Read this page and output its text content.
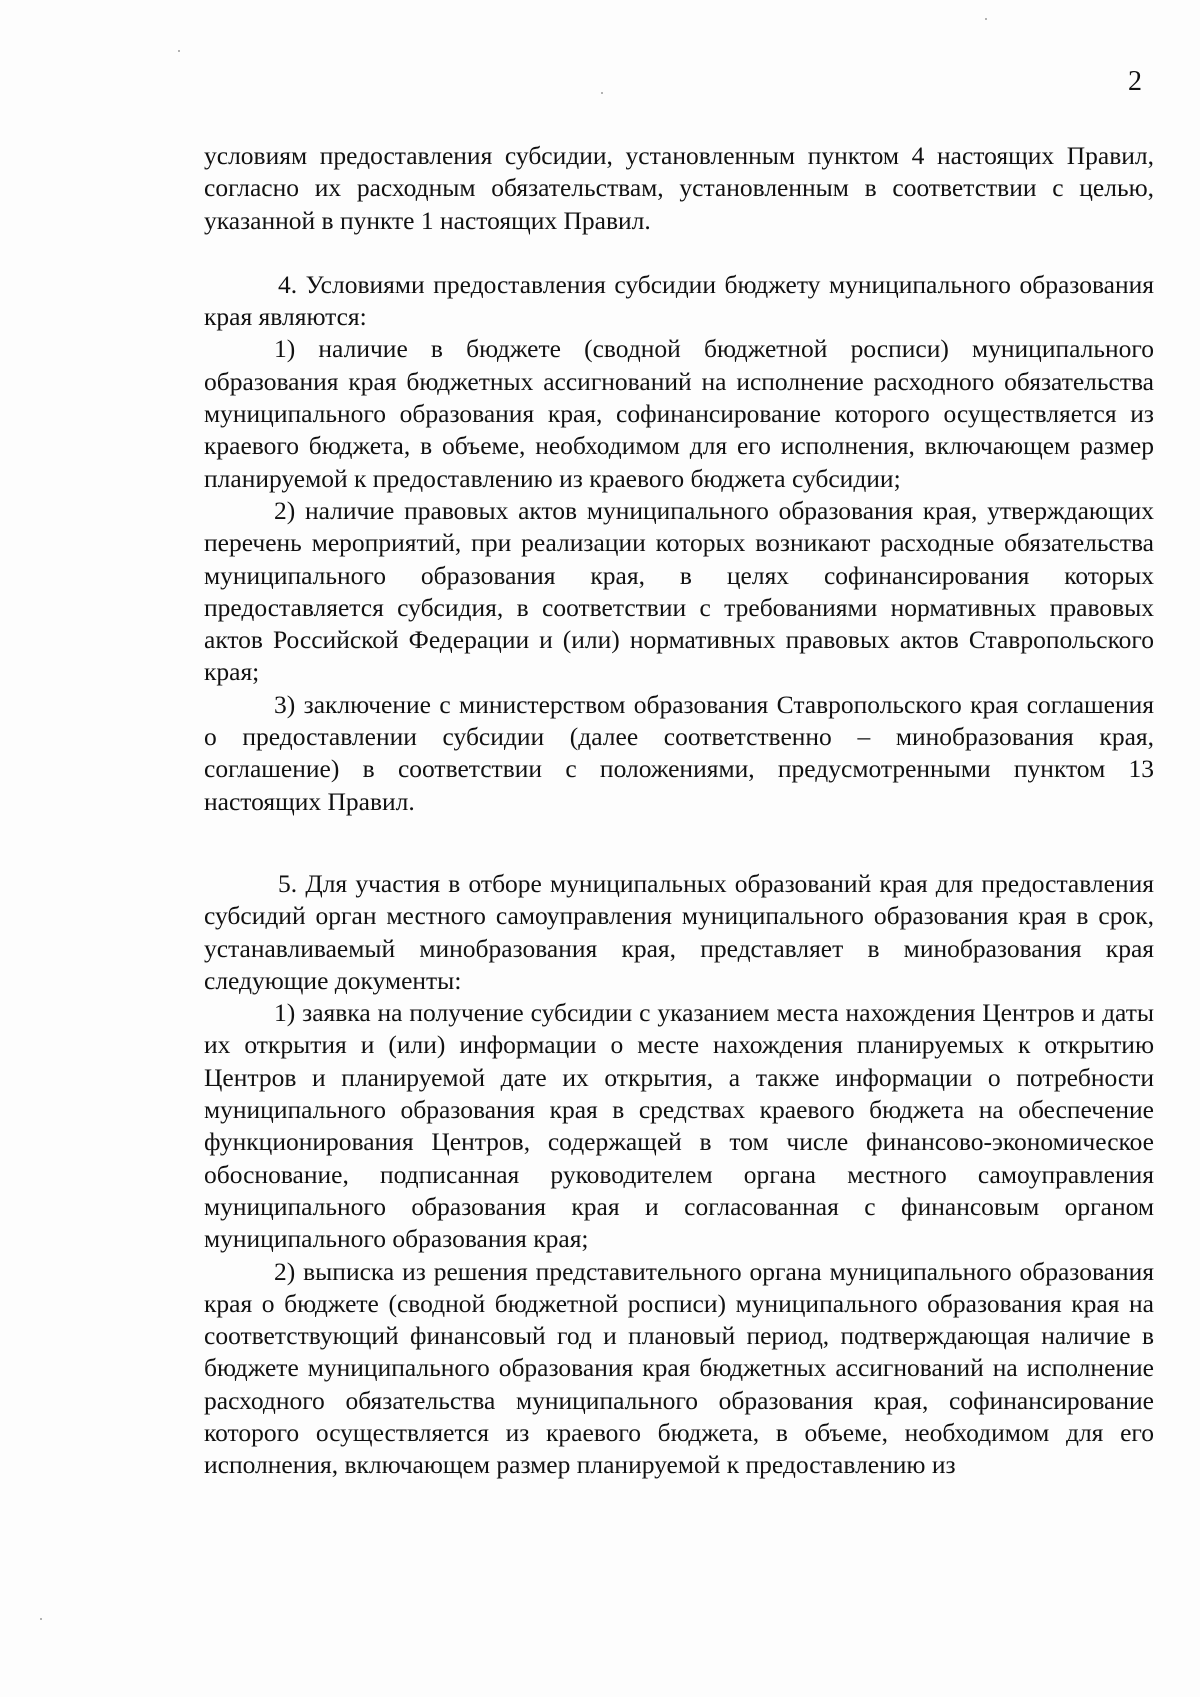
2

условиям предоставления субсидии, установленным пунктом 4 настоящих Правил, согласно их расходным обязательствам, установленным в соответствии с целью, указанной в пункте 1 настоящих Правил.

4. Условиями предоставления субсидии бюджету муниципального образования края являются:

1) наличие в бюджете (сводной бюджетной росписи) муниципального образования края бюджетных ассигнований на исполнение расходного обязательства муниципального образования края, софинансирование которого осуществляется из краевого бюджета, в объеме, необходимом для его исполнения, включающем размер планируемой к предоставлению из краевого бюджета субсидии;

2) наличие правовых актов муниципального образования края, утверждающих перечень мероприятий, при реализации которых возникают расходные обязательства муниципального образования края, в целях софинансирования которых предоставляется субсидия, в соответствии с требованиями нормативных правовых актов Российской Федерации и (или) нормативных правовых актов Ставропольского края;

3) заключение с министерством образования Ставропольского края соглашения о предоставлении субсидии (далее соответственно – минобразования края, соглашение) в соответствии с положениями, предусмотренными пунктом 13 настоящих Правил.

5. Для участия в отборе муниципальных образований края для предоставления субсидий орган местного самоуправления муниципального образования края в срок, устанавливаемый минобразования края, представляет в минобразования края следующие документы:

1) заявка на получение субсидии с указанием места нахождения Центров и даты их открытия и (или) информации о месте нахождения планируемых к открытию Центров и планируемой дате их открытия, а также информации о потребности муниципального образования края в средствах краевого бюджета на обеспечение функционирования Центров, содержащей в том числе финансово-экономическое обоснование, подписанная руководителем органа местного самоуправления муниципального образования края и согласованная с финансовым органом муниципального образования края;

2) выписка из решения представительного органа муниципального образования края о бюджете (сводной бюджетной росписи) муниципального образования края на соответствующий финансовый год и плановый период, подтверждающая наличие в бюджете муниципального образования края бюджетных ассигнований на исполнение расходного обязательства муниципального образования края, софинансирование которого осуществляется из краевого бюджета, в объеме, необходимом для его исполнения, включающем размер планируемой к предоставлению из
